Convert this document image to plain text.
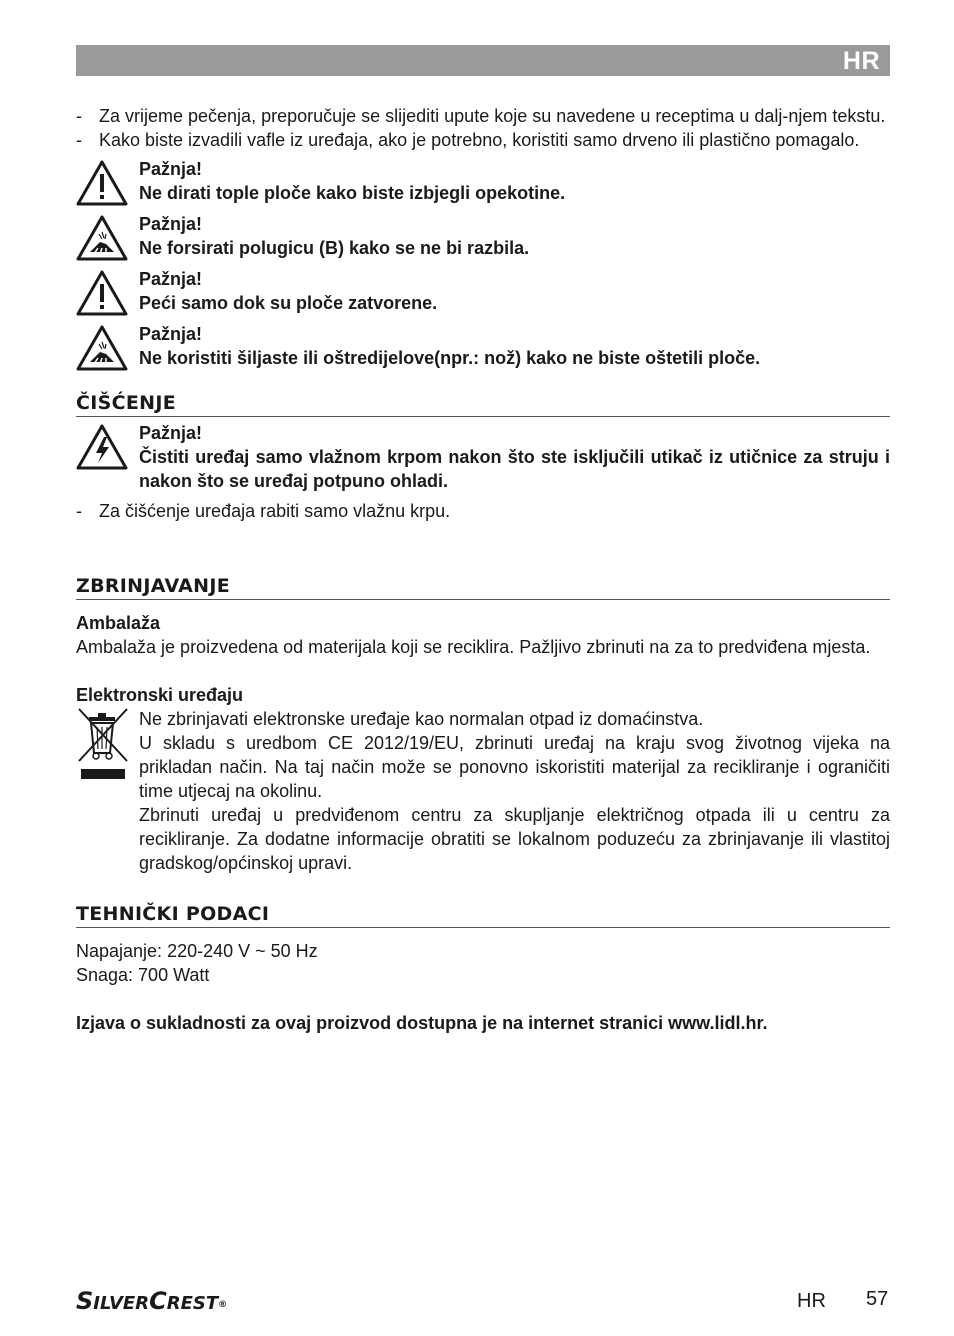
HR
- Za vrijeme pečenja, preporučuje se slijediti upute koje su navedene u receptima u dalj-njem tekstu.
- Kako biste izvadili vafle iz uređaja, ako je potrebno, koristiti samo drveno ili plastično pomagalo.
Pažnja!
Ne dirati tople ploče kako biste izbjegli opekotine.
Pažnja!
Ne forsirati polugicu (B) kako se ne bi razbila.
Pažnja!
Peći samo dok su ploče zatvorene.
Pažnja!
Ne koristiti šiljaste ili oštredijelove(npr.: nož) kako ne biste oštetili ploče.
ČIŠĆENJE
Pažnja!
Čistiti uređaj samo vlažnom krpom nakon što ste isključili utikač iz utičnice za struju i nakon što se uređaj potpuno ohladi.
- Za čišćenje uređaja rabiti samo vlažnu krpu.
ZBRINJAVANJE
Ambalaža

Ambalaža je proizvedena od materijala koji se reciklira. Pažljivo zbrinuti na za to predviđena mjesta.

Elektronski uređaju

Ne zbrinjavati elektronske uređaje kao normalan otpad iz domaćinstva.

U skladu s uredbom CE 2012/19/EU, zbrinuti uređaj na kraju svog životnog vijeka na prikladan način. Na taj način može se ponovno iskoristiti materijal za recikliranje i ograničiti time utjecaj na okolinu.

Zbrinuti uređaj u predviđenom centru za skupljanje električnog otpada ili u centru za recikliranje. Za dodatne informacije obratiti se lokalnom poduzeću za zbrinjavanje ili vlastitoj gradskog/općinskoj upravi.

TEHNIČKI PODACI
Napajanje: 220-240 V ~ 50 Hz
Snaga: 700 Watt
Izjava o sukladnosti za ovaj proizvod dostupna je na internet stranici www.lidl.hr.
SILVERCREST®	HR 57
